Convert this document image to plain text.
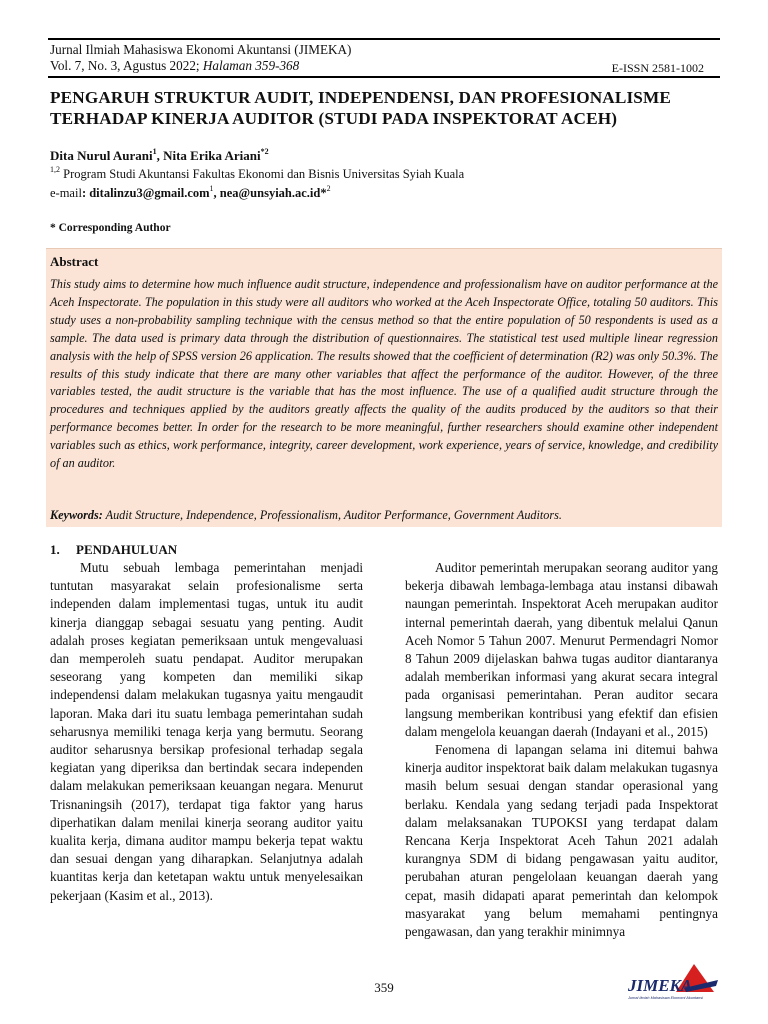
Jurnal Ilmiah Mahasiswa Ekonomi Akuntansi (JIMEKA)
Vol. 7, No. 3, Agustus 2022; Halaman 359-368	E-ISSN 2581-1002
PENGARUH STRUKTUR AUDIT, INDEPENDENSI, DAN PROFESIONALISME TERHADAP KINERJA AUDITOR (STUDI PADA INSPEKTORAT ACEH)
Dita Nurul Aurani$^1$, Nita Erika Ariani$^{*2}$
$^{1,2}$ Program Studi Akuntansi Fakultas Ekonomi dan Bisnis Universitas Syiah Kuala
e-mail: ditalinzu3@gmail.com$^1$, nea@unsyiah.ac.id*$^2$
* Corresponding Author
Abstract
This study aims to determine how much influence audit structure, independence and professionalism have on auditor performance at the Aceh Inspectorate. The population in this study were all auditors who worked at the Aceh Inspectorate Office, totaling 50 auditors. This study uses a non-probability sampling technique with the census method so that the entire population of 50 respondents is used as a sample. The data used is primary data through the distribution of questionnaires. The statistical test used multiple linear regression analysis with the help of SPSS version 26 application. The results showed that the coefficient of determination (R2) was only 50.3%. The results of this study indicate that there are many other variables that affect the performance of the auditor. However, of the three variables tested, the audit structure is the variable that has the most influence. The use of a qualified audit structure through the procedures and techniques applied by the auditors greatly affects the quality of the audits produced by the auditors so that their performance becomes better. In order for the research to be more meaningful, further researchers should examine other independent variables such as ethics, work performance, integrity, career development, work experience, years of service, knowledge, and credibility of an auditor.
Keywords: Audit Structure, Independence, Professionalism, Auditor Performance, Government Auditors.
1. PENDAHULUAN

Mutu sebuah lembaga pemerintahan menjadi tuntutan masyarakat selain profesionalisme serta independen dalam implementasi tugas, untuk itu audit kinerja dianggap sebagai sesuatu yang penting. Audit adalah proses kegiatan pemeriksaan untuk mengevaluasi dan memperoleh suatu pendapat. Auditor merupakan seseorang yang kompeten dan memiliki sikap independensi dalam melakukan tugasnya yaitu mengaudit laporan. Maka dari itu suatu lembaga pemerintahan sudah seharusnya memiliki tenaga kerja yang bermutu. Seorang auditor seharusnya bersikap profesional terhadap segala kegiatan yang diperiksa dan bertindak secara independen dalam melakukan pemeriksaan keuangan negara. Menurut Trisnaningsih (2017), terdapat tiga faktor yang harus diperhatikan dalam menilai kinerja seorang auditor yaitu kualita kerja, dimana auditor mampu bekerja tepat waktu dan sesuai dengan yang diharapkan. Selanjutnya adalah kuantitas kerja dan ketetapan waktu untuk menyelesaikan pekerjaan (Kasim et al., 2013).

Auditor pemerintah merupakan seorang auditor yang bekerja dibawah lembaga-lembaga atau instansi dibawah naungan pemerintah. Inspektorat Aceh merupakan auditor internal pemerintah daerah, yang dibentuk melalui Qanun Aceh Nomor 5 Tahun 2007. Menurut Permendagri Nomor 8 Tahun 2009 dijelaskan bahwa tugas auditor diantaranya adalah memberikan informasi yang akurat secara integral pada organisasi pemerintahan. Peran auditor secara langsung memberikan kontribusi yang efektif dan efisien dalam mengelola keuangan daerah (Indayani et al., 2015)

Fenomena di lapangan selama ini ditemui bahwa kinerja auditor inspektorat baik dalam melakukan tugasnya masih belum sesuai dengan standar operasional yang berlaku. Kendala yang sedang terjadi pada Inspektorat dalam melaksanakan TUPOKSI yang terdapat dalam Rencana Kerja Inspektorat Aceh Tahun 2021 adalah kurangnya SDM di bidang pengawasan yaitu auditor, perubahan aturan pengelolaan keuangan daerah yang cepat, masih didapati aparat pemerintah dan kelompok masyarakat yang belum memahami pentingnya pengawasan, dan yang terakhir minimnya

359	JIMEKA
Jurnal Ilmiah Mahasiswa Ekonomi Akuntansi
